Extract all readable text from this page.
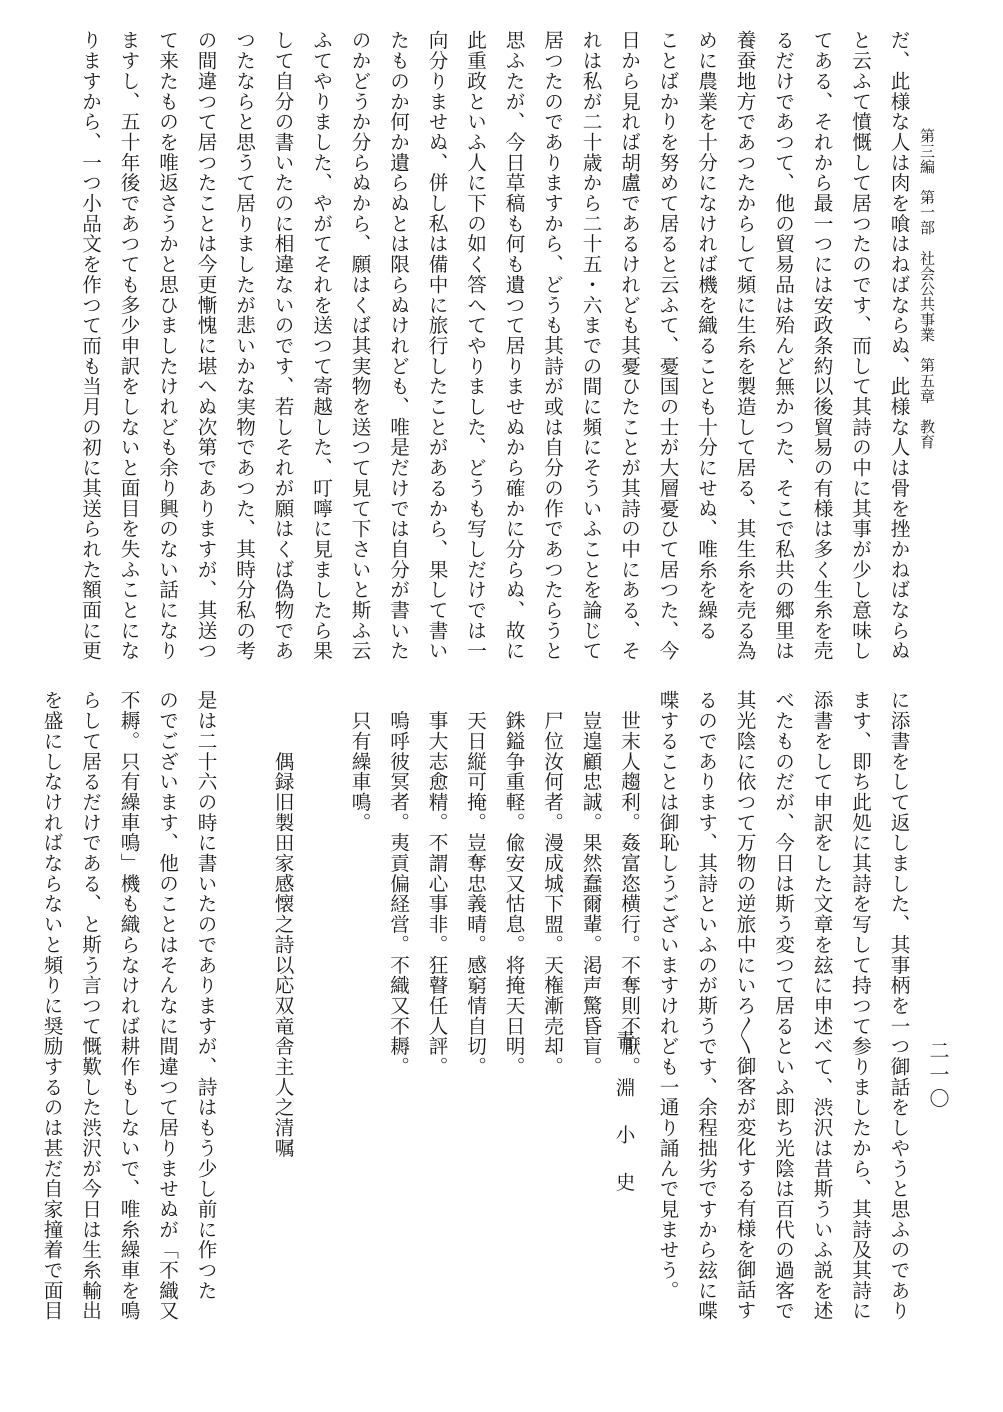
第三編　第一部　社会公共事業　第五章　教育
二一〇
だ、此様な人は肉を喰はねばならぬ、此様な人は骨を挫かねばならぬ
と云ふて憤慨して居つたのです、而して其詩の中に其事が少し意味し
てある、それから最一つには安政条約以後貿易の有様は多く生糸を売
るだけであつて、他の貿易品は殆んど無かつた、そこで私共の郷里は
養蚕地方であつたからして頻に生糸を製造して居る、其生糸を売る為
めに農業を十分になければ機を織ることも十分にせぬ、唯糸を繰る
ことばかりを努めて居ると云ふて、憂国の士が大層憂ひて居つた、今
日から見れば胡盧であるけれども其憂ひたことが其詩の中にある、そ
れは私が二十歳から二十五・六までの間に頻にそういふことを論じて
居つたのでありますから、どうも其詩が或は自分の作であつたらうと
思ふたが、今日草稿も何も遺つて居りませぬから確かに分らぬ、故に
此重政といふ人に下の如く答へてやりました、どうも写しだけでは一
向分りませぬ、併し私は備中に旅行したことがあるから、果して書い
たものか何か遺らぬとは限らぬけれども、唯是だけでは自分が書いた
のかどうか分らぬから、願はくば其実物を送つて見て下さいと斯ふ云
ふてやりました、やがてそれを送つて寄越した、叮嚀に見ましたら果
して自分の書いたのに相違ないのです、若しそれが願はくば偽物であ
つたならと思うて居りましたが悲いかな実物であつた、其時分私の考
の間違つて居つたことは今更慚愧に堪へぬ次第でありますが、其送つ
て来たものを唯返さうかと思ひましたけれども余り興のない話になり
ますし、五十年後であつても多少申訳をしないと面目を失ふことにな
りますから、一つ小品文を作つて而も当月の初に其送られた額面に更
に添書をして返しました、其事柄を一つ御話をしやうと思ふのであり
ます、即ち此処に其詩を写して持つて参りましたから、其詩及其詩に
添書をして申訳をした文章を玆に申述べて、渋沢は昔斯ういふ説を述
べたものだが、今日は斯う変つて居るといふ即ち光陰は百代の過客で
其光陰に依つて万物の逆旅中にいろ〳〵御客が変化する有様を御話す
るのであります、其詩といふのが斯うです、余程拙劣ですから玆に喋
喋することは御恥しうございますけれども一通り誦んで見ませう。
　世末人趨利。姦富恣横行。不奪則不厭。
　豈遑顧忠誠。果然蠢爾輩。渇声驚昏盲。
　尸位汝何者。漫成城下盟。天権漸売却。
　銖鎰争重軽。偸安又怙息。将掩天日明。
　天日縦可掩。豈奪忠義晴。感窮情自切。
　事大志愈精。不謂心事非。狂瞽任人評。
　嗚呼彼冥者。夷貢偏経営。不織又不耨。
　只有繰車鳴。
　　　偶録旧製田家感懐之詩以応双竜舎主人之清嘱
是は二十六の時に書いたのでありますが、詩はもう少し前に作つた
のでございます、他のことはそんなに間違つて居りませぬが「不織又
不耨。只有繰車鳴」機も織らなければ耕作もしないで、唯糸繰車を鳴
らして居るだけである、と斯う言つて慨歎した渋沢が今日は生糸輸出
を盛にしなければならないと頻りに奨励するのは甚だ自家撞着で面目	青　淵　小　史
